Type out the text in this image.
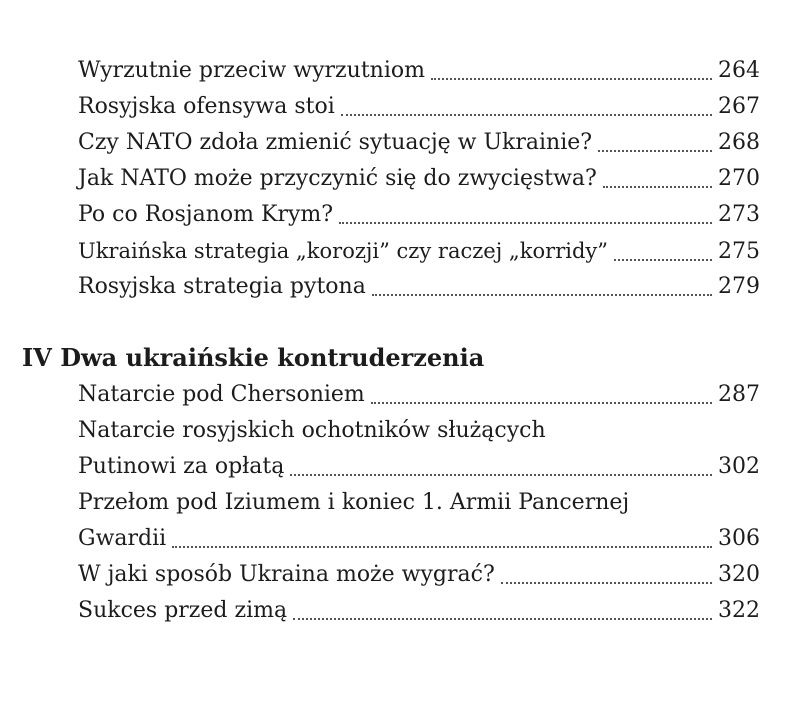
Wyrzutnie przeciw wyrzutniom	264
Rosyjska ofensywa stoi	267
Czy NATO zdoła zmienić sytuację w Ukrainie?	268
Jak NATO może przyczynić się do zwycięstwa?	270
Po co Rosjanom Krym?	273
Ukraińska strategia „korozji” czy raczej „korridy”	275
Rosyjska strategia pytona	279
IV Dwa ukraińskie kontruderzenia
Natarcie pod Chersoniem	287
Natarcie rosyjskich ochotników służących
Putinowi za opłatą	302
Przełom pod Iziumem i koniec 1. Armii Pancernej
Gwardii	306
W jaki sposób Ukraina może wygrać?	320
Sukces przed zimą	322
